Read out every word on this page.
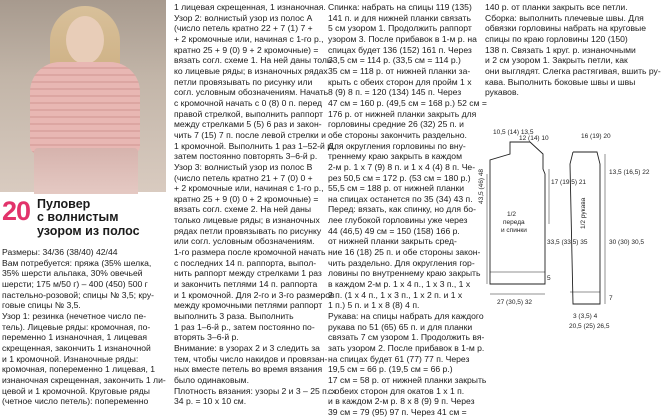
20 Пуловер

с волнистым

узором из полос

Размеры: 34/36 (38/40) 42/44

Вам потребуется: пряжа (35% шелка,

35% шерсти альпака, 30% овечьей

шерсти; 175 м/50 г) – 400 (450) 500 г

пастельно-розовой; спицы № 3,5; кру-

говые спицы № 3,5.

Узор 1: резинка (нечетное число пе-

тель). Лицевые ряды: кромочная, по-

переменно 1 изнаночная, 1 лицевая

скрещенная, закончить 1 изнаночной

и 1 кромочной. Изнаночные ряды:

кромочная, попеременно 1 лицевая, 1

изнаночная скрещенная, закончить 1 ли-

цевой и 1 кромочной. Круговые ряды

(четное число петель): попеременно

1 лицевая скрещенная, 1 изнаночная.

Узор 2: волнистый узор из полос А

(число петель кратно 22 + 7 (1) 7 +

+ 2 кромочные или, начиная с 1-го р.,

кратно 25 + 9 (0) 9 + 2 кромочные) =

вязать согл. схеме 1. На ней даны толь-

ко лицевые ряды; в изнаночных рядах

петли провязывать по рисунку или

согл. условным обозначениям. Начать

с кромочной начать с 0 (8) 0 п. перед

правой стрелкой, выполнить раппорт

между стрелками 5 (5) 6 раз и закон-

чить 7 (15) 7 п. после левой стрелки и

1 кромочной. Выполнить 1 раз 1–52-й р.,

затем постоянно повторять 3–6-й р.

Узор 3: волнистый узор из полос В

(число петель кратно 21 + 7 (0) 0 +

+ 2 кромочные или, начиная с 1-го р.,

кратно 25 + 9 (0) 0 + 2 кромочные) =

вязать согл. схеме 2. На ней даны

только лицевые ряды; в изнаночных

рядах петли провязывать по рисунку

или согл. условным обозначениям.

1-го размера после кромочной начать

с последних 14 п. раппорта, выпол-

нить раппорт между стрелками 1 раз

и закончить петлями 14 п. раппорта

и 1 кромочной. Для 2-го и 3-го размеров

между кромочными петлями раппорт

выполнить 3 раза. Выполнить

1 раз 1–6-й р., затем постоянно по-

вторять 3–6-й р.

Внимание: в узорах 2 и 3 следить за

тем, чтобы число накидов и провязан-

ных вместе петель во время вязания

было одинаковым.

Плотность вязания: узоры 2 и 3 – 25 п. х

34 р. = 10 х 10 см.

Спинка: набрать на спицы 119 (135)

141 п. и для нижней планки связать

5 см узором 1. Продолжить раппорт

узором 3. После прибавок в 1-м р. на

спицах будет 136 (152) 161 п. Через

33,5 см = 114 р. (33,5 см = 114 р.)

35 см = 118 р. от нижней планки за-

крыть с обеих сторон для пройм 1 х

8 (9) 8 п. = 120 (134) 145 п. Через

47 см = 160 р. (49,5 см = 168 р.) 52 см =

176 р. от нижней планки закрыть для

горловины средние 26 (32) 25 п. и

обе стороны закончить раздельно.

Для округления горловины по вну-

треннему краю закрыть в каждом

2-м р. 1 х 7 (9) 8 п. и 1 х 4 (4) 8 п. Че-

рез 50,5 см = 172 р. (53 см = 180 р.)

55,5 см = 188 р. от нижней планки

на спицах останется по 35 (34) 43 п.

Перед: вязать, как спинку, но для бо-

лее глубокой горловины уже через

44 (46,5) 49 см = 150 (158) 166 р.

от нижней планки закрыть сред-

ние 16 (18) 25 п. и обе стороны закон-

чить раздельно. Для округления гор-

ловины по внутреннему краю закрыть

в каждом 2-м р. 1 х 4 п., 1 х 3 п., 1 х

2 п. (1 х 4 п., 1 х 3 п., 1 х 2 п. и 1 х

1 п.) 5 п. и 1 х 8 (8) 4 п.

Рукава: на спицы набрать для каждого

рукава по 51 (65) 65 п. и для планки

связать 7 см узором 1. Продолжить вя-

зать узором 2. После прибавок в 1-м р.

на спицах будет 61 (77) 77 п. Через

19,5 см = 66 р. (19,5 см = 66 р.)

17 см = 58 р. от нижней планки закрыть

с обеих сторон для окатов 1 х 1 п.

и в каждом 2-м р. 8 х 8 (9) 9 п. Через

39 см = 79 (95) 97 п. Через 41 см =

140 р. от планки закрыть все петли.

Сборка: выполнить плечевые швы. Для

обвязки горловины набрать на круговые

спицы по краю горловины 120 (150)

138 п. Связать 1 круг. р. изнаночными

и 2 см узором 1. Закрыть петли, как

они выглядят. Слегка растягивая, вшить ру-

кава. Выполнить боковые швы и швы

рукавов.

1/2
переда
и спинки
1/2 рукава
10,5 (14) 13,5
12 (14) 10
17 (19,5) 21
33,5 (33,5) 35
43,5 (46) 48
5
27 (30,5) 32
16 (19) 20
13,5 (16,5) 22
30 (30) 30,5
7
3 (3,5) 4
20,5 (25) 26,5
